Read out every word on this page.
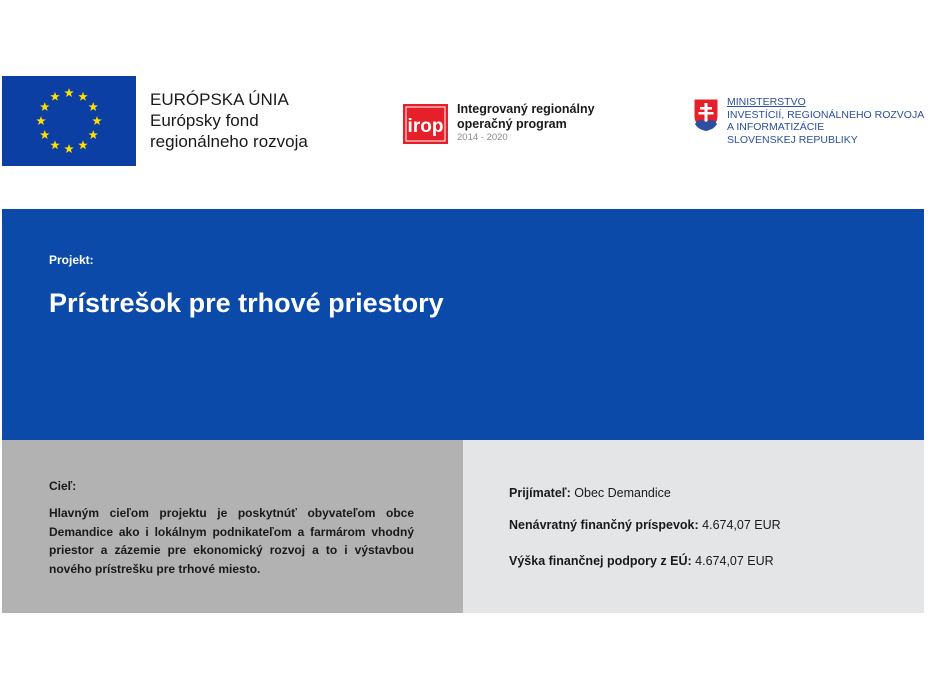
EURÓPSKA ÚNIA
Európsky fond
regionálneho rozvoja
irop
Integrovaný regionálny
operačný program
2014 - 2020
MINISTERSTVO
INVESTÍCIÍ, REGIONÁLNEHO ROZVOJA
A INFORMATIZÁCIE
SLOVENSKEJ REPUBLIKY
Projekt:
Prístrešok pre trhové priestory
Cieľ:
Hlavným cieľom projektu je poskytnúť obyvateľom obce Demandice ako i lokálnym podnikateľom a farmárom vhodný priestor a zázemie pre ekonomický rozvoj a to i výstavbou nového prístrešku pre trhové miesto.
Prijímateľ: Obec Demandice
Nenávratný finančný príspevok: 4.674,07 EUR
Výška finančnej podpory z EÚ: 4.674,07 EUR
